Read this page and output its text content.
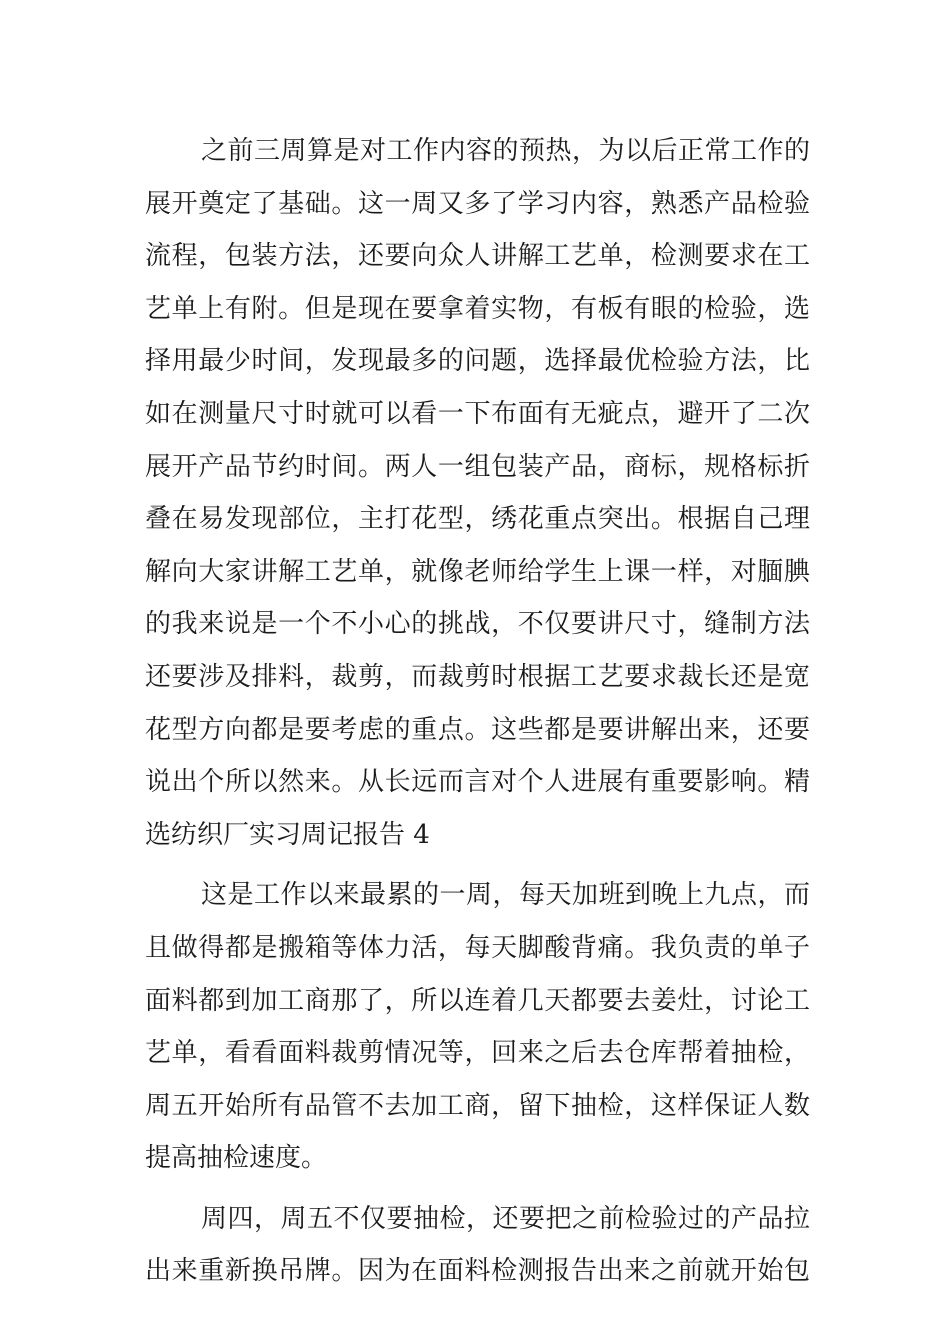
之前三周算是对工作内容的预热，为以后正常工作的
展开奠定了基础。这一周又多了学习内容，熟悉产品检验
流程，包装方法，还要向众人讲解工艺单，检测要求在工
艺单上有附。但是现在要拿着实物，有板有眼的检验，选
择用最少时间，发现最多的问题，选择最优检验方法，比
如在测量尺寸时就可以看一下布面有无疵点，避开了二次
展开产品节约时间。两人一组包装产品，商标，规格标折
叠在易发现部位，主打花型，绣花重点突出。根据自己理
解向大家讲解工艺单，就像老师给学生上课一样，对腼腆
的我来说是一个不小心的挑战，不仅要讲尺寸，缝制方法
还要涉及排料，裁剪，而裁剪时根据工艺要求裁长还是宽
花型方向都是要考虑的重点。这些都是要讲解出来，还要
说出个所以然来。从长远而言对个人进展有重要影响。精
选纺织厂实习周记报告 4
这是工作以来最累的一周，每天加班到晚上九点，而
且做得都是搬箱等体力活，每天脚酸背痛。我负责的单子
面料都到加工商那了，所以连着几天都要去姜灶，讨论工
艺单，看看面料裁剪情况等，回来之后去仓库帮着抽检，
周五开始所有品管不去加工商，留下抽检，这样保证人数
提高抽检速度。
周四，周五不仅要抽检，还要把之前检验过的产品拉
出来重新换吊牌。因为在面料检测报告出来之前就开始包
